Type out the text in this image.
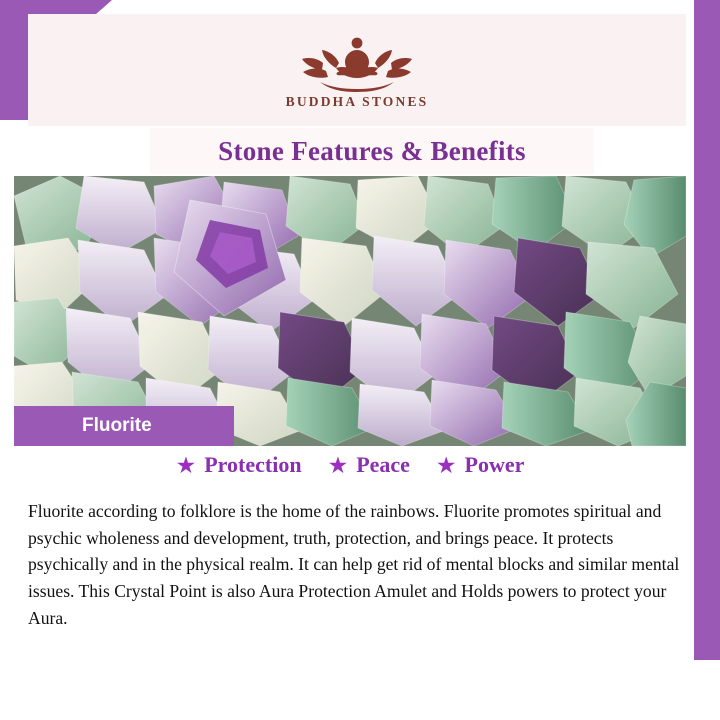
BUDDHA STONES
Stone Features & Benefits
Fluorite
★ Protection ★ Peace ★ Power
Fluorite according to folklore is the home of the rainbows. Fluorite promotes spiritual and psychic wholeness and development, truth, protection, and brings peace. It protects psychically and in the physical realm. It can help get rid of mental blocks and similar mental issues. This Crystal Point is also Aura Protection Amulet and Holds powers to protect your Aura.
